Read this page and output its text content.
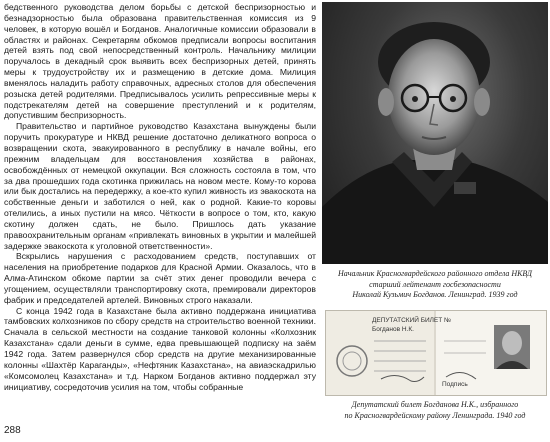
бедственного руководства делом борьбы с детской беспризорностью и безнадзорностью была образована правительственная комиссия из 9 человек, в которую вошёл и Богданов. Аналогичные комиссии образовали в областях и районах. Секретарям обкомов предписали вопросы воспитания детей взять под свой непосредственный контроль. Начальнику милиции поручалось в декадный срок выявить всех беспризорных детей, принять меры к трудоустройству их и размещению в детские дома. Милиция вменялось наладить работу справочных, адресных столов для обеспечения розыска детей родителями. Предписывалось усилить репрессивные меры к подстрекателям детей на совершение преступлений и к родителям, допустившим беспризорность.

Правительство и партийное руководство Казахстана вынуждены были поручить прокуратуре и НКВД решение достаточно деликатного вопроса о возвращении скота, эвакуированного в республику в начале войны, его прежним владельцам для восстановления хозяйства в районах, освобождённых от немецкой оккупации. Вся сложность состояла в том, что за два прошедших года скотинка прижилась на новом месте. Кому-то корова или бык достались на передержку, а кое-кто купил живность из эвакоскота на собственные деньги и заботился о ней, как о родной. Какие-то коровы отелились, а иных пустили на мясо. Чёткости в вопросе о том, кто, какую скотину должен сдать, не было. Пришлось дать указание правоохранительным органам «привлекать виновных в укрытии и малейшей задержке эвакоскота к уголовной ответственности».

Вскрылись нарушения с расходованием средств, поступавших от населения на приобретение подарков для Красной Армии. Оказалось, что в Алма-Атинском обкоме партии за счёт этих денег проводили вечера с угощением, осуществляли транспортировку скота, премировали директоров фабрик и председателей артелей. Виновных строго наказали.

С конца 1942 года в Казахстане была активно поддержана инициатива тамбовских колхозников по сбору средств на строительство военной техники. Сначала в сельской местности на создание танковой колонны «Колхозник Казахстана» сдали деньги в сумме, едва превышающей подписку на заём 1942 года. Затем развернулся сбор средств на другие механизированные колонны «Шахтёр Караганды», «Нефтяник Казахстана», на авиаэскадрилью «Комсомолец Казахстана» и т.д. Нарком Богданов активно поддержал эту инициативу, сосредоточив усилия на том, чтобы собранные

288
Начальник Красногвардейского районного отдела НКВД
старший лейтенант госбезопасности
Николай Кузьмич Богданов. Ленинград. 1939 год
ДЕПУТАТСКИЙ БИЛЕТ №
Богданов Н.К.
Подпись
Депутатский билет Богданова Н.К., избранного
по Красногвардейскому району Ленинграда. 1940 год
